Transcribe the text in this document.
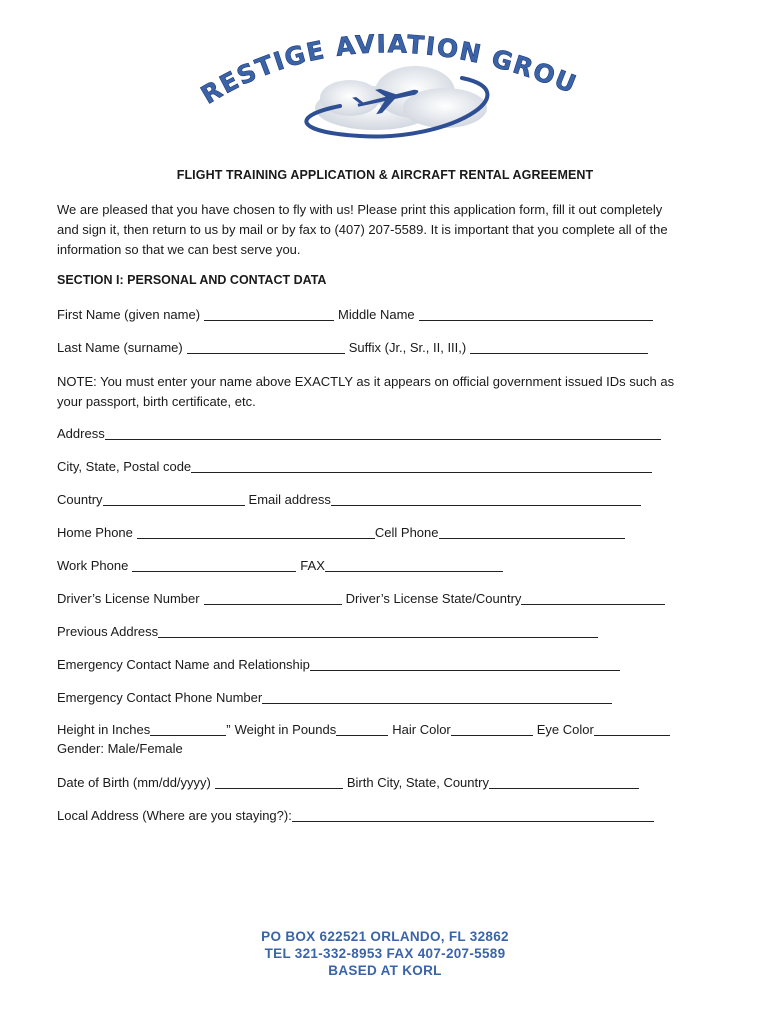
ESTIGE AVIATION GROU
FLIGHT TRAINING APPLICATION & AIRCRAFT RENTAL AGREEMENT
We are pleased that you have chosen to fly with us! Please print this application form, fill it out completely and sign it, then return to us by mail or by fax to (407) 207-5589. It is important that you complete all of the information so that we can best serve you.
SECTION I: PERSONAL AND CONTACT DATA
First Name (given name)	Middle Name
Last Name (surname)	Suffix (Jr., Sr., II, III,)
NOTE: You must enter your name above EXACTLY as it appears on official government issued IDs such as your passport, birth certificate, etc.
Address
City, State, Postal code
Country	Email address
Home Phone	Cell Phone
Work Phone	FAX
Driver’s License Number	Driver’s License State/Country
Previous Address
Emergency Contact Name and Relationship
Emergency Contact Phone Number
Height in Inches	” Weight in Pounds	Hair Color	Eye Color
Gender: Male/Female
Date of Birth (mm/dd/yyyy)	Birth City, State, Country
Local Address (Where are you staying?):
PO BOX 622521 ORLANDO, FL 32862
TEL 321-332-8953 FAX 407-207-5589
BASED AT KORL
